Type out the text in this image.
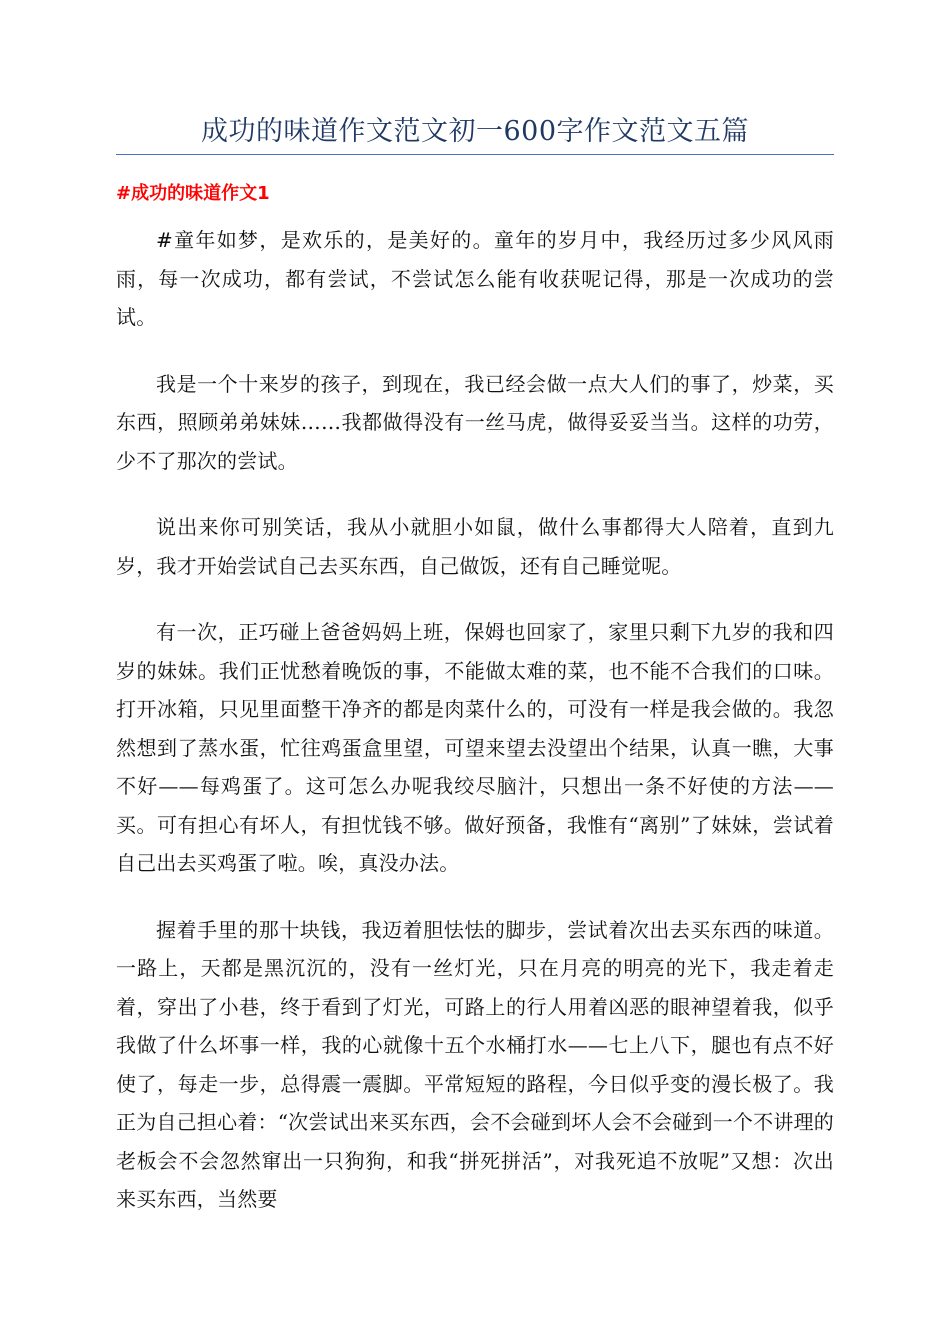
成功的味道作文范文初一600字作文范文五篇
#成功的味道作文1

#童年如梦，是欢乐的，是美好的。童年的岁月中，我经历过多少风风雨雨，每一次成功，都有尝试，不尝试怎么能有收获呢记得，那是一次成功的尝试。

我是一个十来岁的孩子，到现在，我已经会做一点大人们的事了，炒菜，买东西，照顾弟弟妹妹……我都做得没有一丝马虎，做得妥妥当当。这样的功劳，少不了那次的尝试。

说出来你可别笑话，我从小就胆小如鼠，做什么事都得大人陪着，直到九岁，我才开始尝试自己去买东西，自己做饭，还有自己睡觉呢。

有一次，正巧碰上爸爸妈妈上班，保姆也回家了，家里只剩下九岁的我和四岁的妹妹。我们正忧愁着晚饭的事，不能做太难的菜，也不能不合我们的口味。打开冰箱，只见里面整干净齐的都是肉菜什么的，可没有一样是我会做的。我忽然想到了蒸水蛋，忙往鸡蛋盒里望，可望来望去没望出个结果，认真一瞧，大事不好——每鸡蛋了。这可怎么办呢我绞尽脑汁，只想出一条不好使的方法——买。可有担心有坏人，有担忧钱不够。做好预备，我惟有“离别”了妹妹，尝试着自己出去买鸡蛋了啦。唉，真没办法。

握着手里的那十块钱，我迈着胆怯怯的脚步，尝试着次出去买东西的味道。一路上，天都是黑沉沉的，没有一丝灯光，只在月亮的明亮的光下，我走着走着，穿出了小巷，终于看到了灯光，可路上的行人用着凶恶的眼神望着我，似乎我做了什么坏事一样，我的心就像十五个水桶打水——七上八下，腿也有点不好使了，每走一步，总得震一震脚。平常短短的路程，今日似乎变的漫长极了。我正为自己担心着：“次尝试出来买东西，会不会碰到坏人会不会碰到一个不讲理的老板会不会忽然窜出一只狗狗，和我“拼死拼活”，对我死追不放呢”又想：次出来买东西，当然要
